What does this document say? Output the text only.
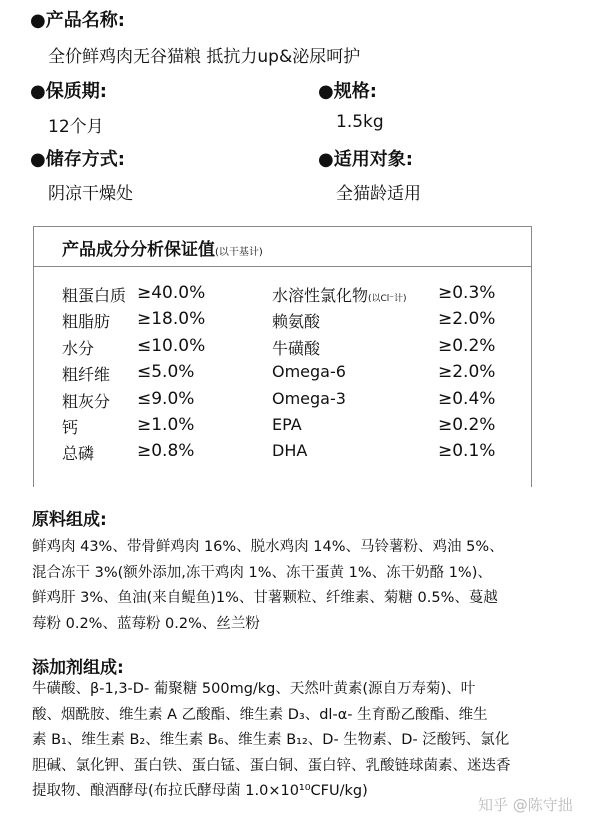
●产品名称:
全价鲜鸡肉无谷猫粮 抵抗力up&泌尿呵护
●保质期:
12个月
●规格:
1.5kg
●储存方式:
阴凉干燥处
●适用对象:
全猫龄适用
产品成分分析保证值(以干基计)
粗蛋白质 ≥40.0%	水溶性氯化物(以Cl⁻计) ≥0.3%
粗脂肪 ≥18.0%	赖氨酸	≥2.0%
水分	≤10.0%	牛磺酸	≥0.2%
粗纤维 ≤5.0%	Omega-6	≥2.0%
粗灰分 ≤9.0%	Omega-3	≥0.4%
钙	≥1.0%	EPA	≥0.2%
总磷	≥0.8%	DHA	≥0.1%
原料组成:
鲜鸡肉 43%、带骨鲜鸡肉 16%、脱水鸡肉 14%、马铃薯粉、鸡油 5%、
混合冻干 3%(额外添加,冻干鸡肉 1%、冻干蛋黄 1%、冻干奶酪 1%)、
鲜鸡肝 3%、鱼油(来自鳀鱼)1%、甘薯颗粒、纤维素、菊糖 0.5%、蔓越
莓粉 0.2%、蓝莓粉 0.2%、丝兰粉
添加剂组成:
牛磺酸、β-1,3-D- 葡聚糖 500mg/kg、天然叶黄素(源自万寿菊)、叶
酸、烟酰胺、维生素 A 乙酸酯、维生素 D₃、dl-α- 生育酚乙酸酯、维生
素 B₁、维生素 B₂、维生素 B₆、维生素 B₁₂、D- 生物素、D- 泛酸钙、氯化
胆碱、氯化钾、蛋白铁、蛋白锰、蛋白铜、蛋白锌、乳酸链球菌素、迷迭香
提取物、酿酒酵母(布拉氏酵母菌 1.0×10¹⁰CFU/kg)
知乎 @陈守拙
